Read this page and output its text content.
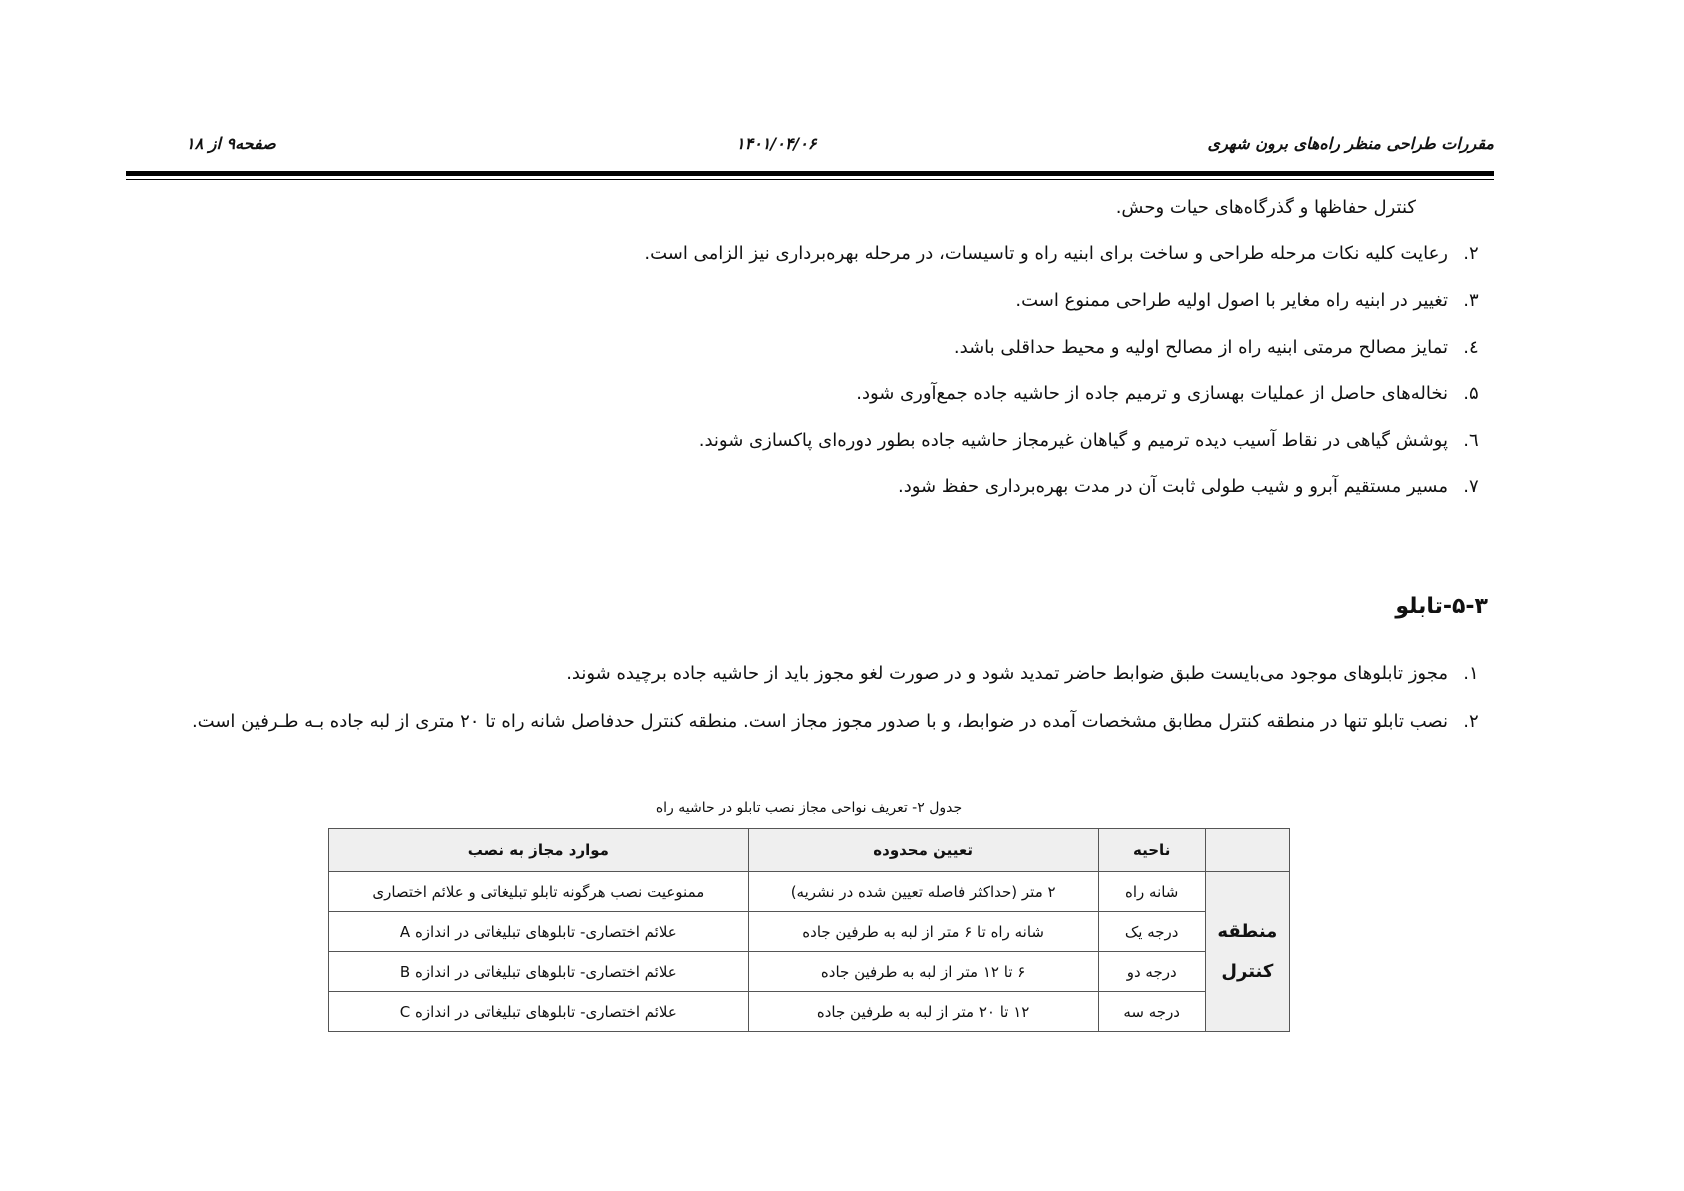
مقررات طراحی منظر راه‌های برون شهری
۱۴۰۱/۰۴/۰۶
صفحه۹ از ۱۸
کنترل حفاظها و گذرگاه‌های حیات وحش.
۲.
رعایت کلیه نکات مرحله طراحی و ساخت برای ابنیه راه و تاسیسات، در مرحله بهره‌برداری نیز الزامی است.
۳.
تغییر در ابنیه راه مغایر با اصول اولیه طراحی ممنوع است.
٤.
تمایز مصالح مرمتی ابنیه راه از مصالح اولیه و محیط حداقلی باشد.
۵.
نخاله‌های حاصل از عملیات بهسازی و ترمیم جاده از حاشیه جاده جمع‌آوری شود.
٦.
پوشش گیاهی در نقاط آسیب دیده ترمیم و گیاهان غیرمجاز حاشیه جاده بطور دوره‌ای پاکسازی شوند.
۷.
مسیر مستقیم آبرو و شیب طولی ثابت آن در مدت بهره‌برداری حفظ شود.
۵-۳-تابلو
۱.
مجوز تابلوهای موجود می‌بایست طبق ضوابط حاضر تمدید شود و در صورت لغو مجوز باید از حاشیه جاده برچیده شوند.
۲.
نصب تابلو تنها در منطقه کنترل مطابق مشخصات آمده در ضوابط، و با صدور مجوز مجاز است. منطقه کنترل حدفاصل شانه راه تا ۲۰ متری از لبه جاده بـه طـرفین است.
جدول ۲- تعریف نواحی مجاز نصب تابلو در حاشیه راه
	ناحیه	تعیین محدوده	موارد مجاز به نصب
منطقه کنترل	شانه راه	۲ متر (حداکثر فاصله تعیین شده در نشریه)	ممنوعیت نصب هرگونه تابلو تبلیغاتی و علائم اختصاری
	درجه یک	شانه راه تا ۶ متر از لبه به طرفین جاده	علائم اختصاری- تابلوهای تبلیغاتی در اندازه A
	درجه دو	۶ تا ۱۲ متر از لبه به طرفین جاده	علائم اختصاری- تابلوهای تبلیغاتی در اندازه B
	درجه سه	۱۲ تا ۲۰ متر از لبه به طرفین جاده	علائم اختصاری- تابلوهای تبلیغاتی در اندازه C
